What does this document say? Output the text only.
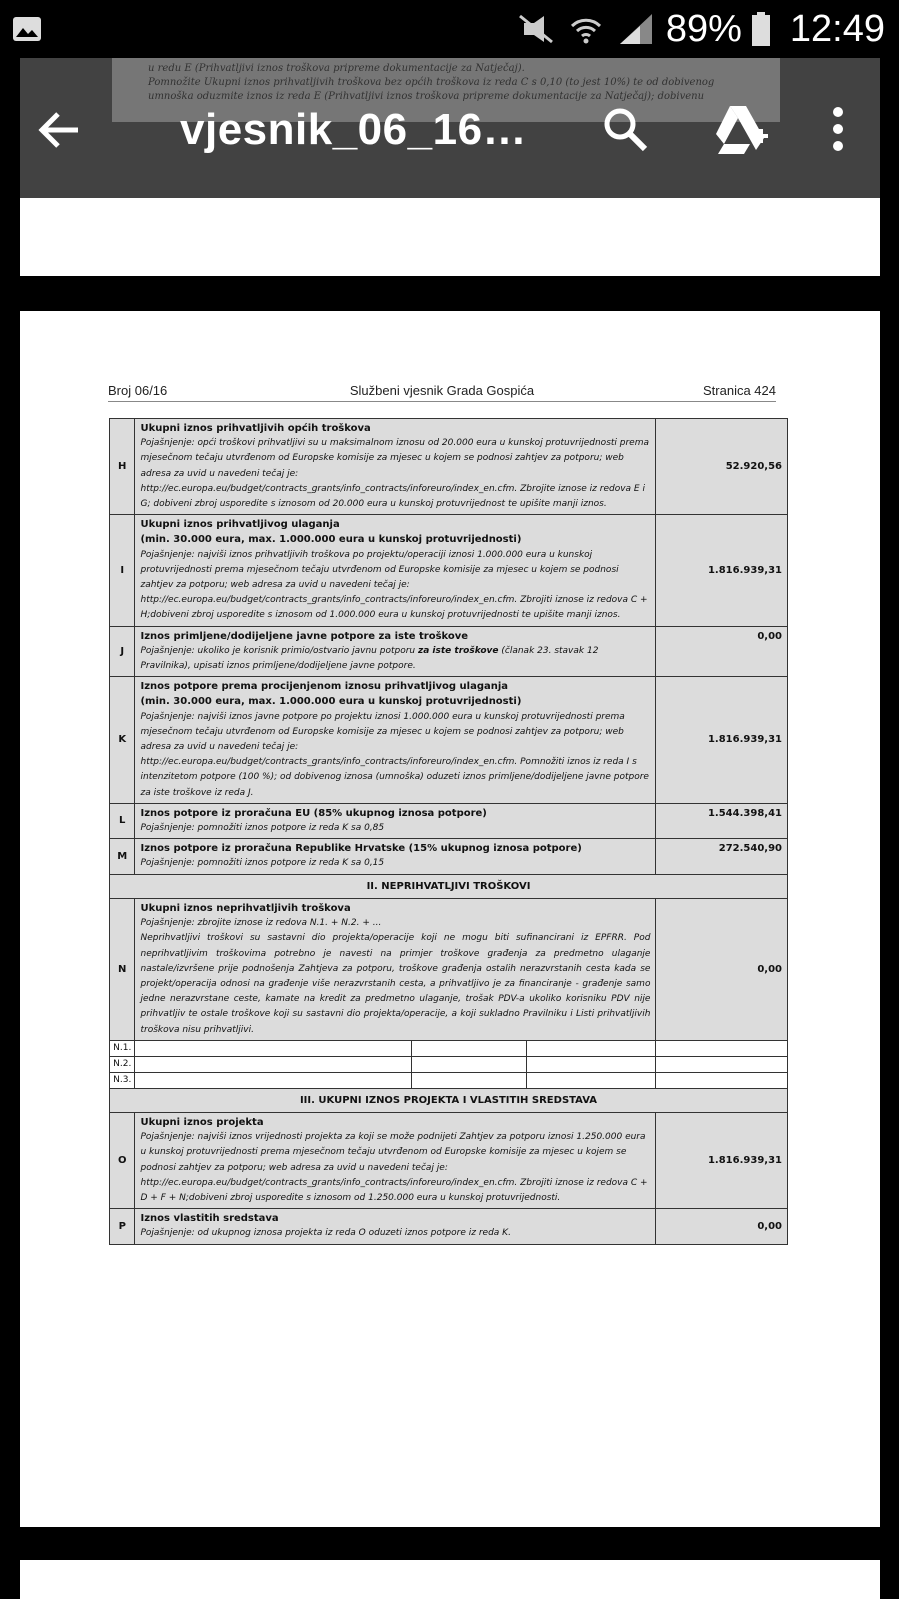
89% 12:49
u redu E (Prihvatljivi iznos troškova pripreme dokumentacije za Natječaj).
Pomnožite Ukupni iznos prihvatljivih troškova bez općih troškova iz reda C s 0,10 (to jest 10%) te od dobivenog
umnoška oduzmite iznos iz reda E (Prihvatljivi iznos troškova pripreme dokumentacije za Natječaj); dobivenu
vjesnik_06_16…
Broj 06/16	Službeni vjesnik Grada Gospića	Stranica 424
H	Ukupni iznos prihvatljivih općih troškova
Pojašnjenje: opći troškovi prihvatljivi su u maksimalnom iznosu od 20.000 eura u kunskoj protuvrijednosti prema mjesečnom tečaju utvrđenom od Europske komisije za mjesec u kojem se podnosi zahtjev za potporu; web adresa za uvid u navedeni tečaj je: http://ec.europa.eu/budget/contracts_grants/info_contracts/inforeuro/index_en.cfm. Zbrojite iznose iz redova E i G; dobiveni zbroj usporedite s iznosom od 20.000 eura u kunskoj protuvrijednost te upišite manji iznos.			52.920,56
I	Ukupni iznos prihvatljivog ulaganja
(min. 30.000 eura, max. 1.000.000 eura u kunskoj protuvrijednosti)
Pojašnjenje: najviši iznos prihvatljivih troškova po projektu/operaciji iznosi 1.000.000 eura u kunskoj protuvrijednosti prema mjesečnom tečaju utvrđenom od Europske komisije za mjesec u kojem se podnosi zahtjev za potporu; web adresa za uvid u navedeni tečaj je: http://ec.europa.eu/budget/contracts_grants/info_contracts/inforeuro/index_en.cfm. Zbrojiti iznose iz redova C + H;dobiveni zbroj usporedite s iznosom od 1.000.000 eura u kunskoj protuvrijednosti te upišite manji iznos.			1.816.939,31
J	Iznos primljene/dodijeljene javne potpore za iste troškove
Pojašnjenje: ukoliko je korisnik primio/ostvario javnu potporu za iste troškove (članak 23. stavak 12 Pravilnika), upisati iznos primljene/dodijeljene javne potpore.			0,00
K	Iznos potpore prema procijenjenom iznosu prihvatljivog ulaganja
(min. 30.000 eura, max. 1.000.000 eura u kunskoj protuvrijednosti)
Pojašnjenje: najviši iznos javne potpore po projektu iznosi 1.000.000 eura u kunskoj protuvrijednosti prema mjesečnom tečaju utvrđenom od Europske komisije za mjesec u kojem se podnosi zahtjev za potporu; web adresa za uvid u navedeni tečaj je: http://ec.europa.eu/budget/contracts_grants/info_contracts/inforeuro/index_en.cfm. Pomnožiti iznos iz reda I s intenzitetom potpore (100 %); od dobivenog iznosa (umnoška) oduzeti iznos primljene/dodijeljene javne potpore za iste troškove iz reda J.			1.816.939,31
L	Iznos potpore iz proračuna EU (85% ukupnog iznosa potpore)
Pojašnjenje: pomnožiti iznos potpore iz reda K sa 0,85			1.544.398,41
M	Iznos potpore iz proračuna Republike Hrvatske (15% ukupnog iznosa potpore)
Pojašnjenje: pomnožiti iznos potpore iz reda K sa 0,15			272.540,90
II. NEPRIHVATLJIVI TROŠKOVI				
N	Ukupni iznos neprihvatljivih troškova
Pojašnjenje: zbrojite iznose iz redova N.1. + N.2. + ...
Neprihvatljivi troškovi su sastavni dio projekta/operacije koji ne mogu biti sufinancirani iz EPFRR. Pod neprihvatljivim troškovima potrebno je navesti na primjer troškove građenja za predmetno ulaganje nastale/izvršene prije podnošenja Zahtjeva za potporu, troškove građenja ostalih nerazvrstanih cesta kada se projekt/operacija odnosi na građenje više nerazvrstanih cesta, a prihvatljivo je za financiranje - građenje samo jedne nerazvrstane ceste, kamate na kredit za predmetno ulaganje, trošak PDV-a ukoliko korisniku PDV nije prihvatljiv te ostale troškove koji su sastavni dio projekta/operacije, a koji sukladno Pravilniku i Listi prihvatljivih troškova nisu prihvatljivi.			0,00
N.1.				
N.2.				
N.3.				
III. UKUPNI IZNOS PROJEKTA I VLASTITIH SREDSTAVA				
O	Ukupni iznos projekta
Pojašnjenje: najviši iznos vrijednosti projekta za koji se može podnijeti Zahtjev za potporu iznosi 1.250.000 eura u kunskoj protuvrijednosti prema mjesečnom tečaju utvrđenom od Europske komisije za mjesec u kojem se podnosi zahtjev za potporu; web adresa za uvid u navedeni tečaj je: http://ec.europa.eu/budget/contracts_grants/info_contracts/inforeuro/index_en.cfm. Zbrojiti iznose iz redova C + D + F + N;dobiveni zbroj usporedite s iznosom od 1.250.000 eura u kunskoj protuvrijednosti.			1.816.939,31
P	Iznos vlastitih sredstava
Pojašnjenje: od ukupnog iznosa projekta iz reda O oduzeti iznos potpore iz reda K.			0,00
